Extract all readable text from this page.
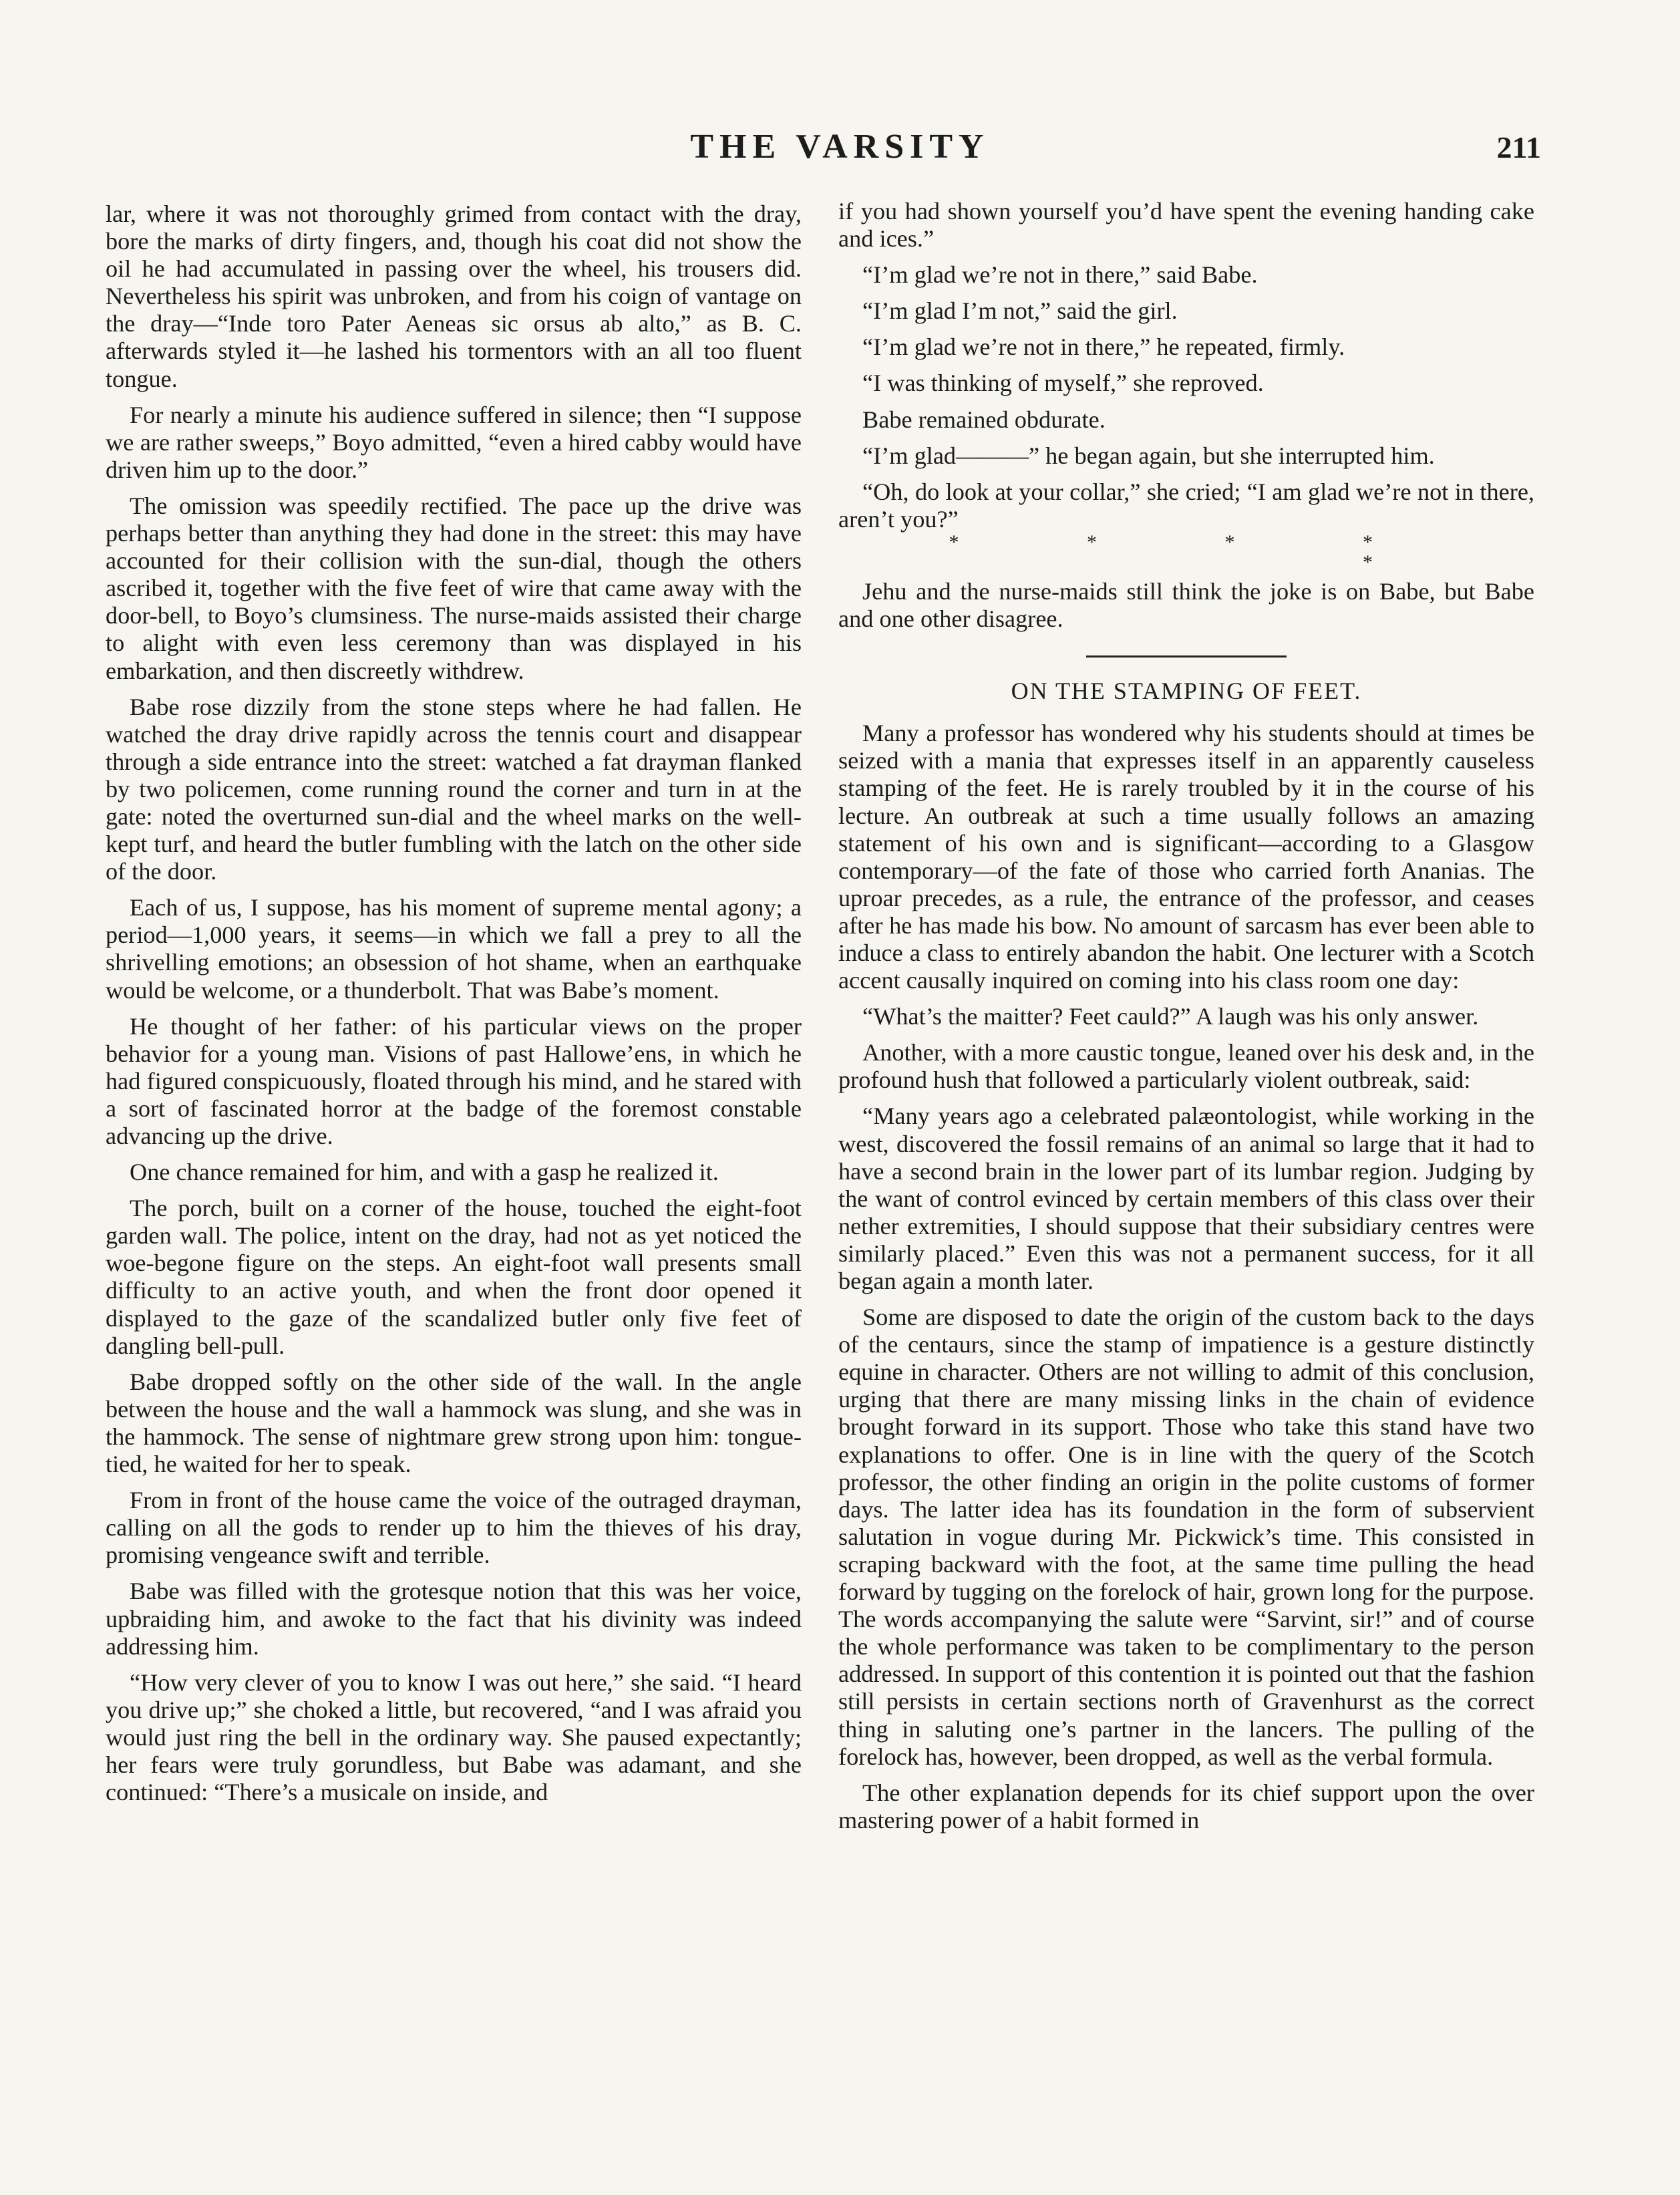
THE VARSITY	211

lar, where it was not thoroughly grimed from contact with the dray, bore the marks of dirty fingers, and, though his coat did not show the oil he had accumulated in passing over the wheel, his trousers did. Nevertheless his spirit was unbroken, and from his coign of vantage on the dray—“Inde toro Pater Aeneas sic orsus ab alto,” as B. C. afterwards styled it—he lashed his tormentors with an all too fluent tongue.

For nearly a minute his audience suffered in silence; then “I suppose we are rather sweeps,” Boyo admitted, “even a hired cabby would have driven him up to the door.”

The omission was speedily rectified. The pace up the drive was perhaps better than anything they had done in the street: this may have accounted for their collision with the sun-dial, though the others ascribed it, together with the five feet of wire that came away with the door-bell, to Boyo’s clumsiness. The nurse-maids assisted their charge to alight with even less ceremony than was displayed in his embarkation, and then discreetly withdrew.

Babe rose dizzily from the stone steps where he had fallen. He watched the dray drive rapidly across the tennis court and disappear through a side entrance into the street: watched a fat drayman flanked by two policemen, come running round the corner and turn in at the gate: noted the overturned sun-dial and the wheel marks on the well-kept turf, and heard the butler fumbling with the latch on the other side of the door.

Each of us, I suppose, has his moment of supreme mental agony; a period—1,000 years, it seems—in which we fall a prey to all the shrivelling emotions; an obsession of hot shame, when an earthquake would be welcome, or a thunderbolt. That was Babe’s moment.

He thought of her father: of his particular views on the proper behavior for a young man. Visions of past Hallowe’ens, in which he had figured conspicuously, floated through his mind, and he stared with a sort of fascinated horror at the badge of the foremost constable advancing up the drive.

One chance remained for him, and with a gasp he realized it.

The porch, built on a corner of the house, touched the eight-foot garden wall. The police, intent on the dray, had not as yet noticed the woe-begone figure on the steps. An eight-foot wall presents small difficulty to an active youth, and when the front door opened it displayed to the gaze of the scandalized butler only five feet of dangling bell-pull.

Babe dropped softly on the other side of the wall. In the angle between the house and the wall a hammock was slung, and she was in the hammock. The sense of nightmare grew strong upon him: tongue-tied, he waited for her to speak.

From in front of the house came the voice of the outraged drayman, calling on all the gods to render up to him the thieves of his dray, promising vengeance swift and terrible.

Babe was filled with the grotesque notion that this was her voice, upbraiding him, and awoke to the fact that his divinity was indeed addressing him.

“How very clever of you to know I was out here,” she said. “I heard you drive up;” she choked a little, but recovered, “and I was afraid you would just ring the bell in the ordinary way. She paused expectantly; her fears were truly gorundless, but Babe was adamant, and she continued: “There’s a musicale on inside, and

if you had shown yourself you’d have spent the evening handing cake and ices.”

“I’m glad we’re not in there,” said Babe.

“I’m glad I’m not,” said the girl.

“I’m glad we’re not in there,” he repeated, firmly.

“I was thinking of myself,” she reproved.

Babe remained obdurate.

“I’m glad———” he began again, but she interrupted him.

“Oh, do look at your collar,” she cried; “I am glad we’re not in there, aren’t you?”

* * * * *

Jehu and the nurse-maids still think the joke is on Babe, but Babe and one other disagree.

ON THE STAMPING OF FEET.

Many a professor has wondered why his students should at times be seized with a mania that expresses itself in an apparently causeless stamping of the feet. He is rarely troubled by it in the course of his lecture. An outbreak at such a time usually follows an amazing statement of his own and is significant—according to a Glasgow contemporary—of the fate of those who carried forth Ananias. The uproar precedes, as a rule, the entrance of the professor, and ceases after he has made his bow. No amount of sarcasm has ever been able to induce a class to entirely abandon the habit. One lecturer with a Scotch accent causally inquired on coming into his class room one day:

“What’s the maitter? Feet cauld?” A laugh was his only answer.

Another, with a more caustic tongue, leaned over his desk and, in the profound hush that followed a particularly violent outbreak, said:

“Many years ago a celebrated palæontologist, while working in the west, discovered the fossil remains of an animal so large that it had to have a second brain in the lower part of its lumbar region. Judging by the want of control evinced by certain members of this class over their nether extremities, I should suppose that their subsidiary centres were similarly placed.” Even this was not a permanent success, for it all began again a month later.

Some are disposed to date the origin of the custom back to the days of the centaurs, since the stamp of impatience is a gesture distinctly equine in character. Others are not willing to admit of this conclusion, urging that there are many missing links in the chain of evidence brought forward in its support. Those who take this stand have two explanations to offer. One is in line with the query of the Scotch professor, the other finding an origin in the polite customs of former days. The latter idea has its foundation in the form of subservient salutation in vogue during Mr. Pickwick’s time. This consisted in scraping backward with the foot, at the same time pulling the head forward by tugging on the forelock of hair, grown long for the purpose. The words accompanying the salute were “Sarvint, sir!” and of course the whole performance was taken to be complimentary to the person addressed. In support of this contention it is pointed out that the fashion still persists in certain sections north of Gravenhurst as the correct thing in saluting one’s partner in the lancers. The pulling of the forelock has, however, been dropped, as well as the verbal formula.

The other explanation depends for its chief support upon the over mastering power of a habit formed in
